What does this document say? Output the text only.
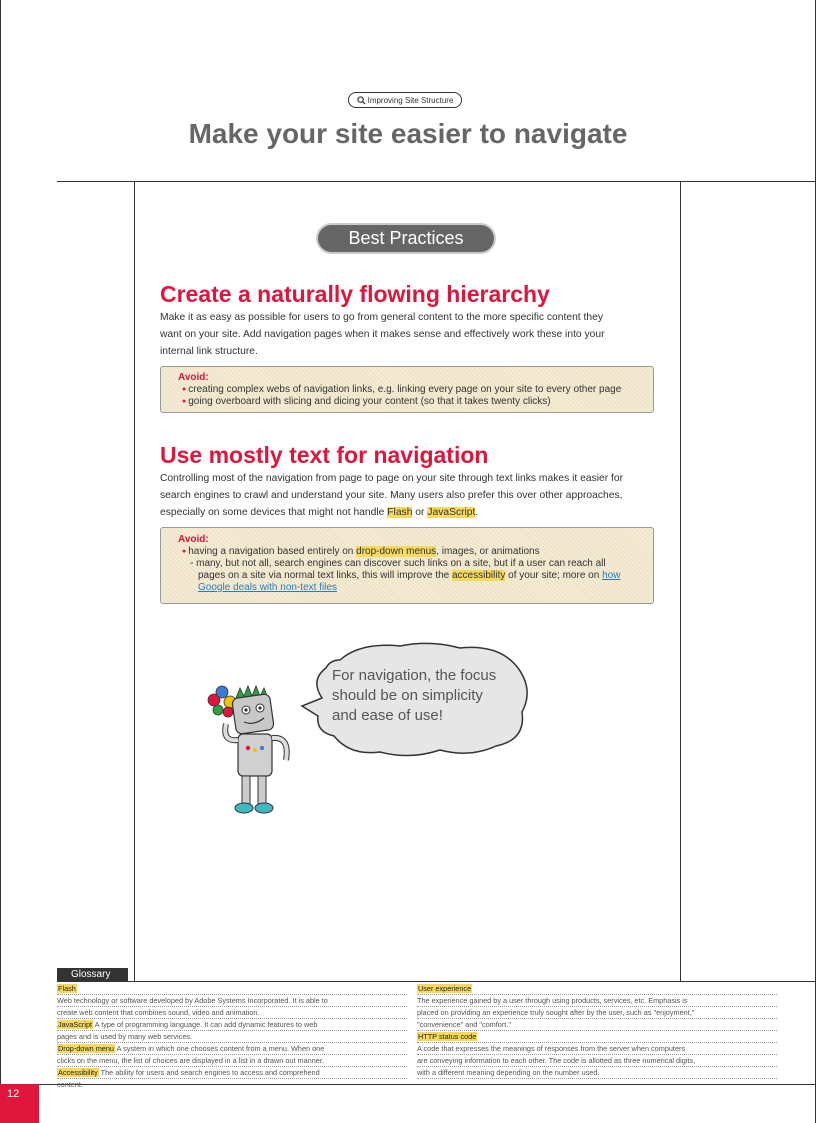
Improving Site Structure
Make your site easier to navigate
Best Practices
Create a naturally flowing hierarchy
Make it as easy as possible for users to go from general content to the more specific content they
want on your site. Add navigation pages when it makes sense and effectively work these into your
internal link structure.
Avoid:
● creating complex webs of navigation links, e.g. linking every page on your site to every other page
● going overboard with slicing and dicing your content (so that it takes twenty clicks)
Use mostly text for navigation
Controlling most of the navigation from page to page on your site through text links makes it easier for
search engines to crawl and understand your site. Many users also prefer this over other approaches,
especially on some devices that might not handle Flash or JavaScript.
Avoid:
● having a navigation based entirely on drop-down menus, images, or animations
- many, but not all, search engines can discover such links on a site, but if a user can reach all
pages on a site via normal text links, this will improve the accessibility of your site; more on how
Google deals with non-text files
For navigation, the focus
should be on simplicity
and ease of use!
Glossary
Flash
Web technology or software developed by Adobe Systems Incorporated. It is able to
create web content that combines sound, video and animation.
JavaScript A type of programming language. It can add dynamic features to web
pages and is used by many web services.
Drop-down menu A system in which one chooses content from a menu. When one
clicks on the menu, the list of choices are displayed in a list in a drawn out manner.
Accessibility The ability for users and search engines to access and comprehend
content.
User experience
The experience gained by a user through using products, services, etc. Emphasis is
placed on providing an experience truly sought after by the user, such as "enjoyment,"
"convenience" and "comfort."
HTTP status code
A code that expresses the meanings of responses from the server when computers
are conveying information to each other. The code is allotted as three numerical digits,
with a different meaning depending on the number used.
12
